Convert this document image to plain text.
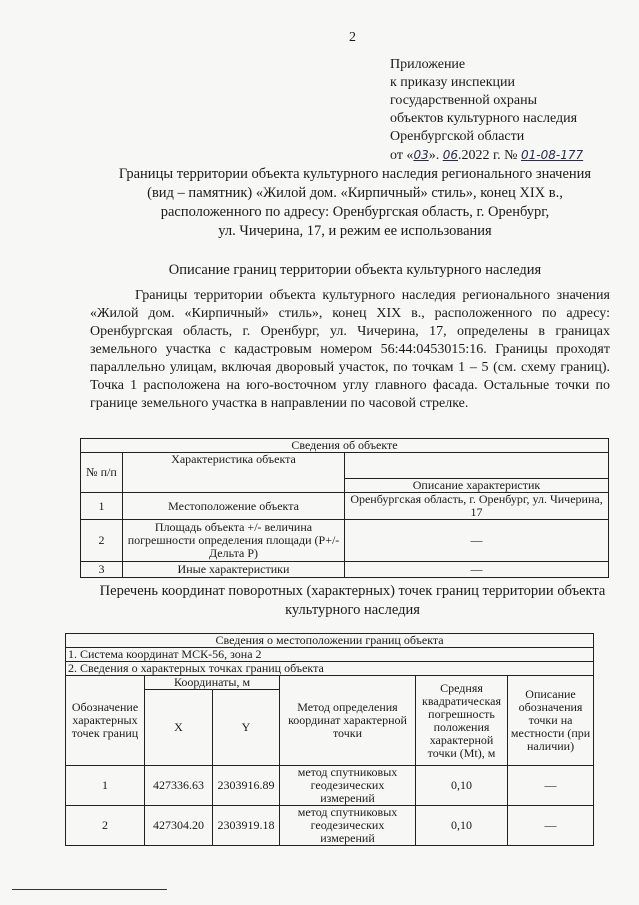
2
Приложение
к приказу инспекции
государственной охраны
объектов культурного наследия
Оренбургской области
от «03». 06.2022 г. № 01-08-177
Границы территории объекта культурного наследия регионального значения
(вид – памятник) «Жилой дом. «Кирпичный» стиль», конец XIX в.,
расположенного по адресу: Оренбургская область, г. Оренбург,
ул. Чичерина, 17, и режим ее использования
Описание границ территории объекта культурного наследия

Границы территории объекта культурного наследия регионального значения «Жилой дом. «Кирпичный» стиль», конец XIX в., расположенного по адресу: Оренбургская область, г. Оренбург, ул. Чичерина, 17, определены в границах земельного участка с кадастровым номером 56:44:0453015:16. Границы проходят параллельно улицам, включая дворовый участок, по точкам 1 – 5 (см. схему границ). Точка 1 расположена на юго-восточном углу главного фасада. Остальные точки по границе земельного участка в направлении по часовой стрелке.

Сведения об объекте		
№ п/п	Характеристика объекта	
		Описание характеристик
1	Местоположение объекта	Оренбургская область, г. Оренбург, ул. Чичерина, 17
2	Площадь объекта +/- величина погрешности определения площади (P+/- Дельта P)	—
3	Иные характеристики	—
Перечень координат поворотных (характерных) точек границ территории объекта культурного наследия
Сведения о местоположении границ объекта					
1. Система координат МСК-56, зона 2					
2. Сведения о характерных точках границ объекта					
Обозначение характерных точек границ	Координаты, м		Метод определения координат характерной точки	Средняя квадратическая погрешность положения характерной точки (Mt), м	Описание обозначения точки на местности (при наличии)
	X	Y			
1	427336.63	2303916.89	метод спутниковых геодезических измерений	0,10	—
2	427304.20	2303919.18	метод спутниковых геодезических измерений	0,10	—
